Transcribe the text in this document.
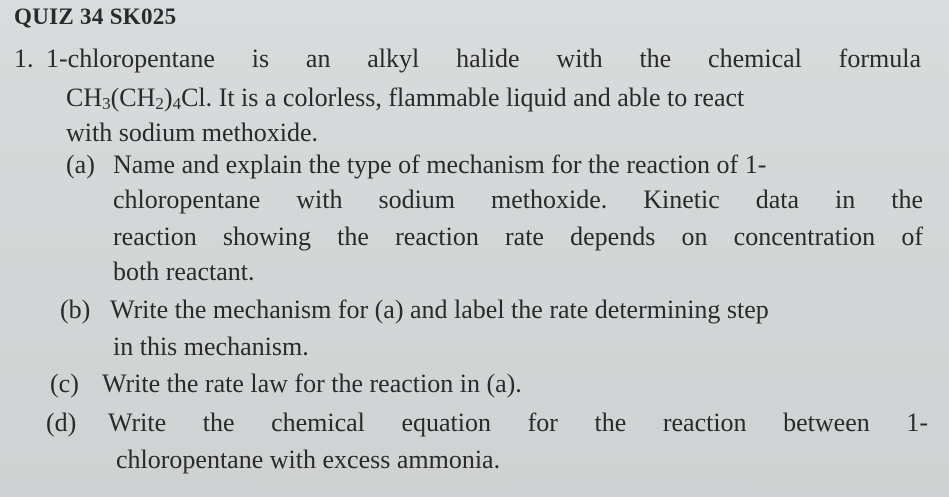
QUIZ 34 SK025
1. 1-chloropentane is an alkyl halide with the chemical formula
$CH_3(CH_2)_4Cl$. It is a colorless, flammable liquid and able to react
with sodium methoxide.
(a) Name and explain the type of mechanism for the reaction of 1-
chloropentane with sodium methoxide. Kinetic data in the
reaction showing the reaction rate depends on concentration of
both reactant.
(b) Write the mechanism for (a) and label the rate determining step
in this mechanism.
(c) Write the rate law for the reaction in (a).
(d) Write the chemical equation for the reaction between 1-
chloropentane with excess ammonia.
